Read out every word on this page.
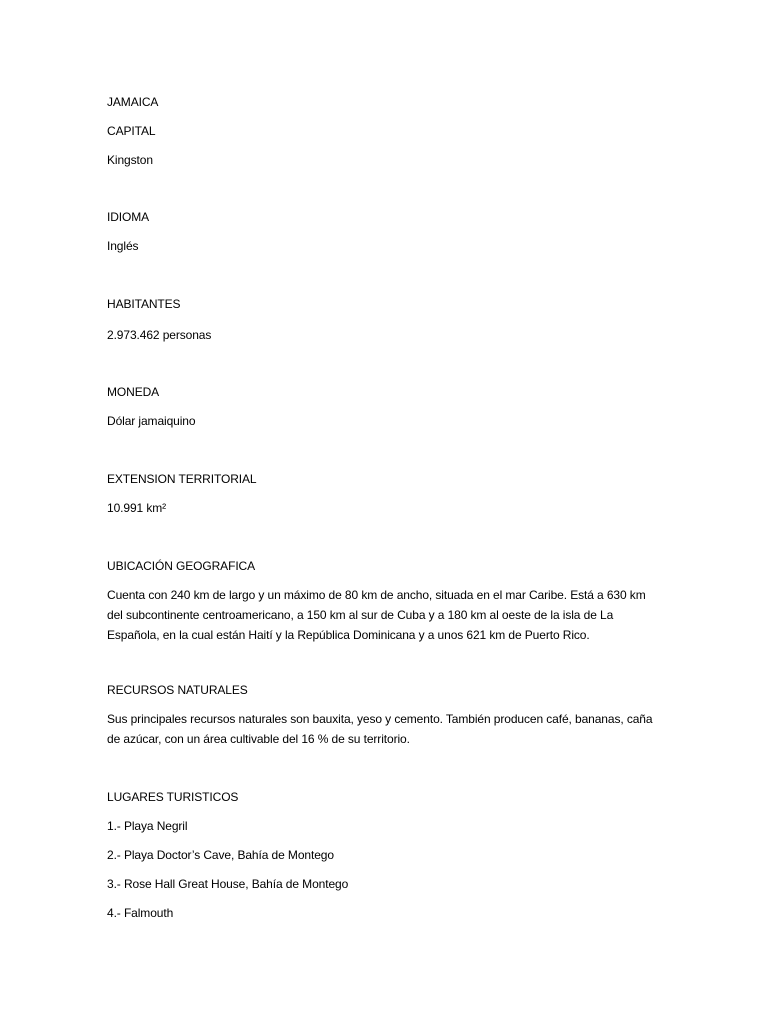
JAMAICA
CAPITAL
Kingston
IDIOMA
Inglés
HABITANTES
2.973.462 personas
MONEDA
Dólar jamaiquino
EXTENSION TERRITORIAL
10.991 km²
UBICACIÓN GEOGRAFICA
Cuenta con 240 km de largo y un máximo de 80 km de ancho, situada en el mar Caribe. Está a 630 km del subcontinente centroamericano, a 150 km al sur de Cuba y a 180 km al oeste de la isla de La Española, en la cual están Haití y la República Dominicana y a unos 621 km de Puerto Rico.
RECURSOS NATURALES
Sus principales recursos naturales son bauxita, yeso y cemento. También producen café, bananas, caña de azúcar, con un área cultivable del 16 % de su territorio.
LUGARES TURISTICOS
1.- Playa Negril
2.- Playa Doctor’s Cave, Bahía de Montego
3.- Rose Hall Great House, Bahía de Montego
4.- Falmouth
